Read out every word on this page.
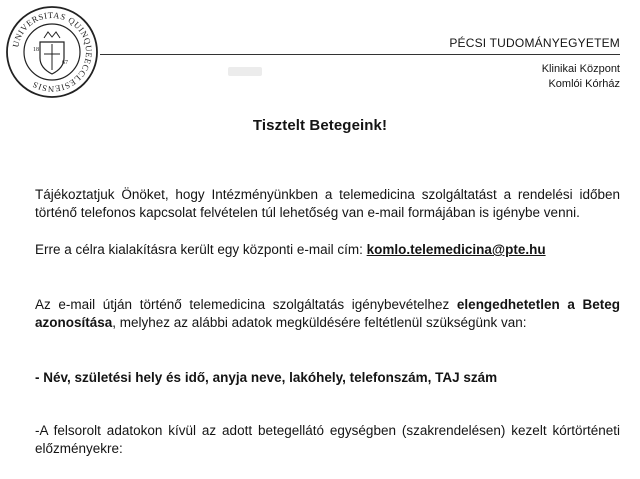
UNIVERSITAS QUINQUEECCLESIENSIS
18
67
PÉCSI TUDOMÁNYEGYETEM
Klinikai Központ
Komlói Kórház
Tisztelt Betegeink!

Tájékoztatjuk Önöket, hogy Intézményünkben a telemedicina szolgáltatást a rendelési időben történő telefonos kapcsolat felvételen túl lehetőség van e-mail formájában is igénybe venni.

Erre a célra kialakításra került egy központi e-mail cím: komlo.telemedicina@pte.hu

Az e-mail útján történő telemedicina szolgáltatás igénybevételhez elengedhetetlen a Beteg azonosítása, melyhez az alábbi adatok megküldésére feltétlenül szükségünk van:

- Név, születési hely és idő, anyja neve, lakóhely, telefonszám, TAJ szám

-A felsorolt adatokon kívül az adott betegellátó egységben (szakrendelésen) kezelt kórtörténeti előzményekre:
